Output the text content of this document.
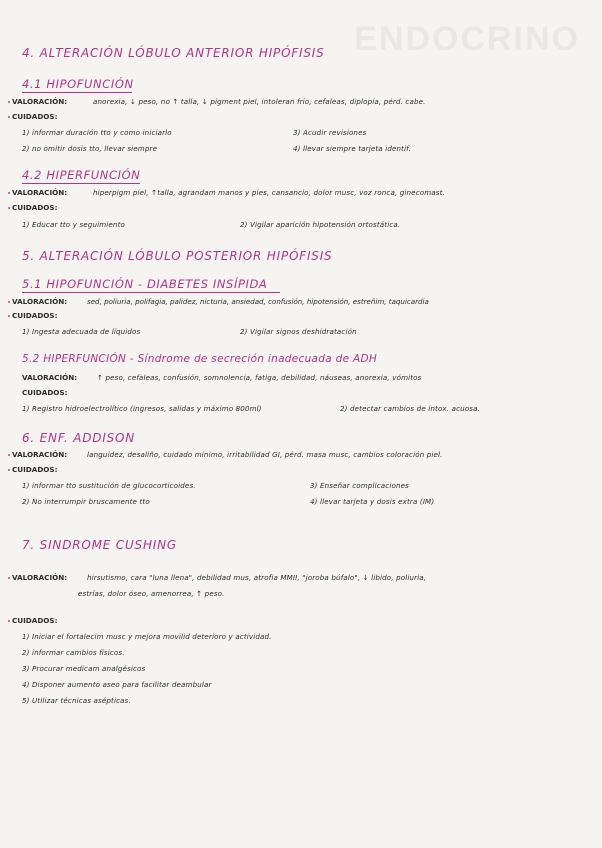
ENDOCRINO
4. ALTERACIÓN LÓBULO ANTERIOR HIPÓFISIS
4.1 HIPOFUNCIÓN
VALORACIÓN:	anorexia, ↓ peso, no ↑ talla, ↓ pigment piel, intoleran frío, cefaleas, diplopía, pérd. cabe.
CUIDADOS:
1) informar duración tto y como iniciarlo	3) Acudir revisiones
2) no omitir dosis tto, llevar siempre	4) llevar siempre tarjeta identif.
4.2 HIPERFUNCIÓN
VALORACIÓN:	hiperpigm piel, ↑talla, agrandam manos y pies, cansancio, dolor musc, voz ronca, ginecomast.
CUIDADOS:
1) Educar tto y seguimiento	2) Vigilar aparición hipotensión ortostática.
5. ALTERACIÓN LÓBULO POSTERIOR HIPÓFISIS
5.1 HIPOFUNCIÓN - DIABETES INSÍPIDA
VALORACIÓN:	sed, poliuria, polifagia, palidez, nicturia, ansiedad, confusión, hipotensión, estreñim, taquicardia
CUIDADOS:
1) Ingesta adecuada de líquidos	2) Vigilar signos deshidratación
5.2 HIPERFUNCIÓN - Síndrome de secreción inadecuada de ADH
VALORACIÓN:	↑ peso, cefaleas, confusión, somnolencia, fatiga, debilidad, náuseas, anorexia, vómitos
CUIDADOS:
1) Registro hidroelectrolítico (ingresos, salidas y máximo 800ml)	2) detectar cambios de intox. acuosa.
6. ENF. ADDISON
VALORACIÓN:	languidez, desaliño, cuidado mínimo, irritabilidad GI, pérd. masa musc, cambios coloración piel.
CUIDADOS:
1) informar tto sustitución de glucocorticoides.	3) Enseñar complicaciones
2) No interrumpir bruscamente tto	4) llevar tarjeta y dosis extra (IM)
7. SINDROME CUSHING
VALORACIÓN:	hirsutismo, cara "luna llena", debilidad mus, atrofia MMII, "joroba búfalo", ↓ libido, poliuria,
estrías, dolor óseo, amenorrea, ↑ peso.
CUIDADOS:
1) Iniciar el fortalecim musc y mejora movilid deterioro y actividad.
2) informar cambios físicos.
3) Procurar medicam analgésicos
4) Disponer aumento aseo para facilitar deambular
5) Utilizar técnicas asépticas.
